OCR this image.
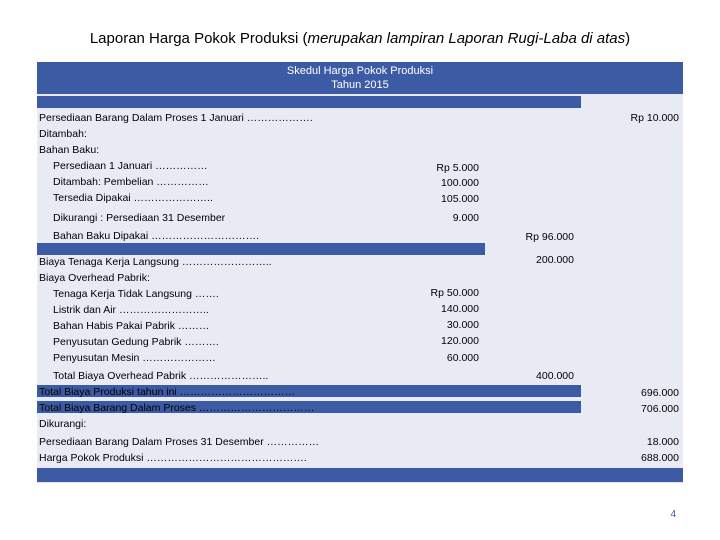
Laporan Harga Pokok Produksi (merupakan lampiran Laporan Rugi-Laba di atas)
Skedul Harga Pokok Produksi
Tahun 2015
Persediaan Barang Dalam Proses 1 Januari ……………….
Ditambah:
Bahan Baku:
Persediaan 1 Januari ……………
Ditambah: Pembelian ……………
Tersedia Dipakai …………………..
Dikurangi : Persediaan 31 Desember
Bahan Baku Dipakai ………………………….
Biaya Tenaga Kerja Langsung ……………………..
Biaya Overhead Pabrik:
Tenaga Kerja Tidak Langsung …….
Listrik dan Air ……………………..
Bahan Habis Pakai Pabrik ………
Penyusutan Gedung Pabrik ……….
Penyusutan Mesin …………………
Total Biaya Overhead Pabrik …………………..
Total Biaya Produksi tahun ini ……………………………
Total Biaya Barang Dalam Proses ……………………………
Dikurangi:
Persediaan Barang Dalam Proses 31 Desember ……………
Harga Pokok Produksi ……………………………………….
Rp 5.000
100.000
105.000
9.000
Rp 50.000
140.000
30.000
120.000
60.000
Rp 96.000
200.000
400.000
Rp 10.000
696.000
706.000
18.000
688.000
4
